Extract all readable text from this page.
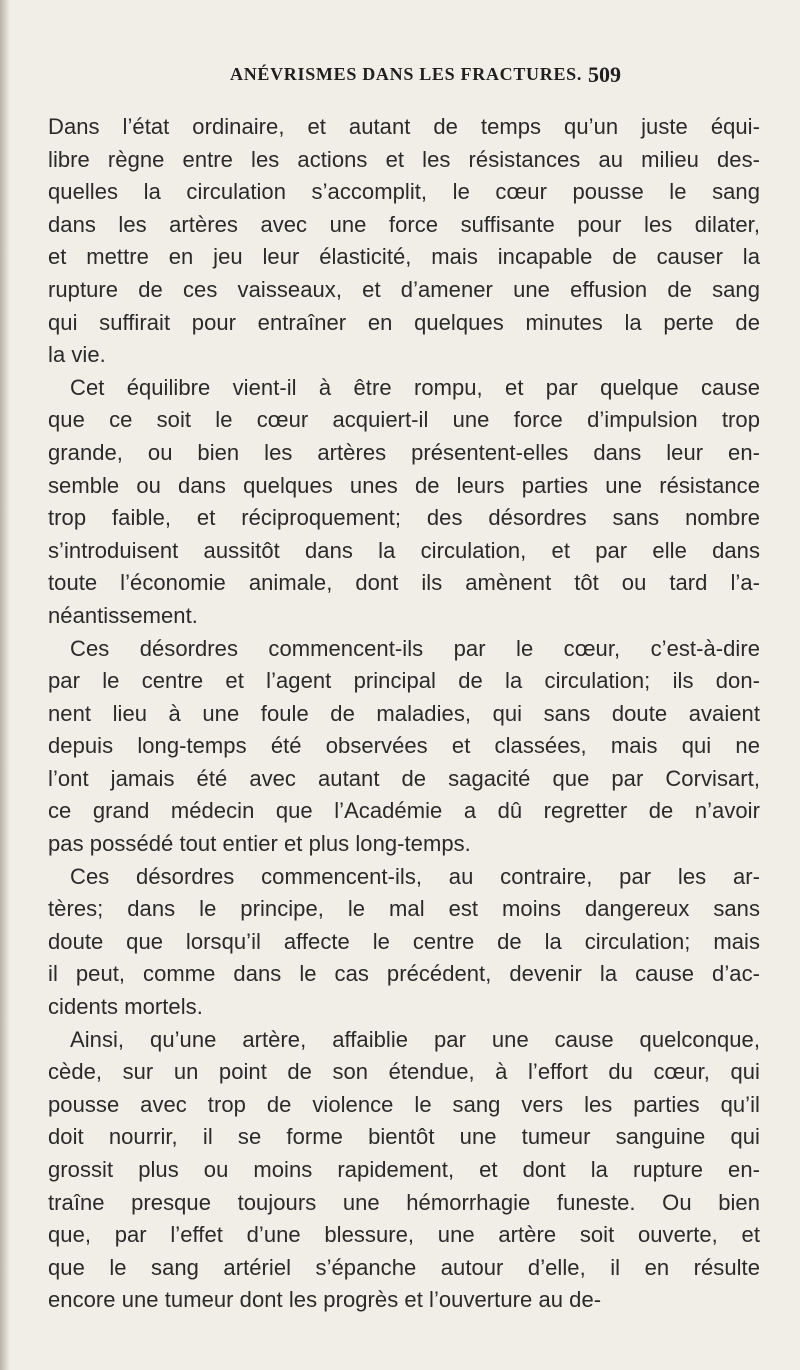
ANÉVRISMES DANS LES FRACTURES. 509
Dans l’état ordinaire, et autant de temps qu’un juste équi-
libre règne entre les actions et les résistances au milieu des-
quelles la circulation s’accomplit, le cœur pousse le sang
dans les artères avec une force suffisante pour les dilater,
et mettre en jeu leur élasticité, mais incapable de causer la
rupture de ces vaisseaux, et d’amener une effusion de sang
qui suffirait pour entraîner en quelques minutes la perte de
la vie.
Cet équilibre vient-il à être rompu, et par quelque cause
que ce soit le cœur acquiert-il une force d’impulsion trop
grande, ou bien les artères présentent-elles dans leur en-
semble ou dans quelques unes de leurs parties une résistance
trop faible, et réciproquement; des désordres sans nombre
s’introduisent aussitôt dans la circulation, et par elle dans
toute l’économie animale, dont ils amènent tôt ou tard l’a-
néantissement.
Ces désordres commencent-ils par le cœur, c’est-à-dire
par le centre et l’agent principal de la circulation; ils don-
nent lieu à une foule de maladies, qui sans doute avaient
depuis long-temps été observées et classées, mais qui ne
l’ont jamais été avec autant de sagacité que par Corvisart,
ce grand médecin que l’Académie a dû regretter de n’avoir
pas possédé tout entier et plus long-temps.
Ces désordres commencent-ils, au contraire, par les ar-
tères; dans le principe, le mal est moins dangereux sans
doute que lorsqu’il affecte le centre de la circulation; mais
il peut, comme dans le cas précédent, devenir la cause d’ac-
cidents mortels.
Ainsi, qu’une artère, affaiblie par une cause quelconque,
cède, sur un point de son étendue, à l’effort du cœur, qui
pousse avec trop de violence le sang vers les parties qu’il
doit nourrir, il se forme bientôt une tumeur sanguine qui
grossit plus ou moins rapidement, et dont la rupture en-
traîne presque toujours une hémorrhagie funeste. Ou bien
que, par l’effet d’une blessure, une artère soit ouverte, et
que le sang artériel s’épanche autour d’elle, il en résulte
encore une tumeur dont les progrès et l’ouverture au de-
